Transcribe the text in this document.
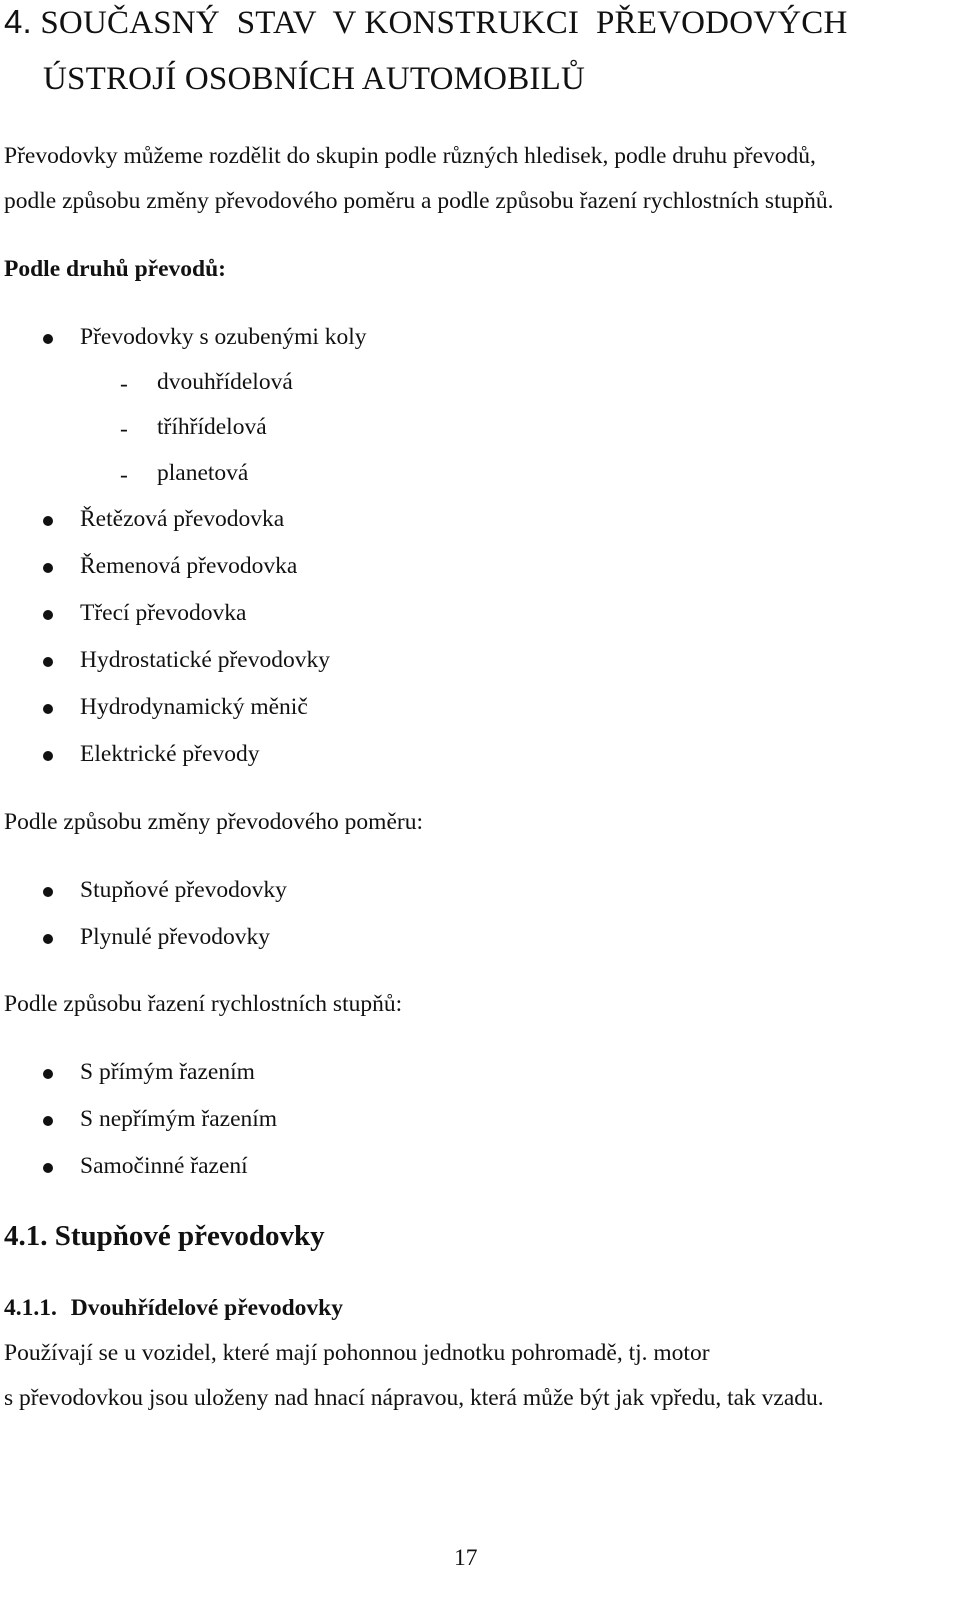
4. SOUČASNÝ  STAV  V KONSTRUKCI  PŘEVODOVÝCH
ÚSTROJÍ OSOBNÍCH AUTOMOBILŮ
Převodovky můžeme rozdělit do skupin podle různých hledisek, podle druhu převodů,
podle způsobu změny převodového poměru a podle způsobu řazení rychlostních stupňů.
Podle druhů převodů:
Převodovky s ozubenými koly
- dvouhřídelová
- tříhřídelová
- planetová
Řetězová převodovka
Řemenová převodovka
Třecí převodovka
Hydrostatické převodovky
Hydrodynamický měnič
Elektrické převody
Podle způsobu změny převodového poměru:
Stupňové převodovky
Plynulé převodovky
Podle způsobu řazení rychlostních stupňů:
S přímým řazením
S nepřímým řazením
Samočinné řazení
4.1. Stupňové převodovky
4.1.1. Dvouhřídelové převodovky
Používají se u vozidel, které mají pohonnou jednotku pohromadě, tj. motor
s převodovkou jsou uloženy nad hnací nápravou, která může být jak vpředu, tak vzadu.
17
